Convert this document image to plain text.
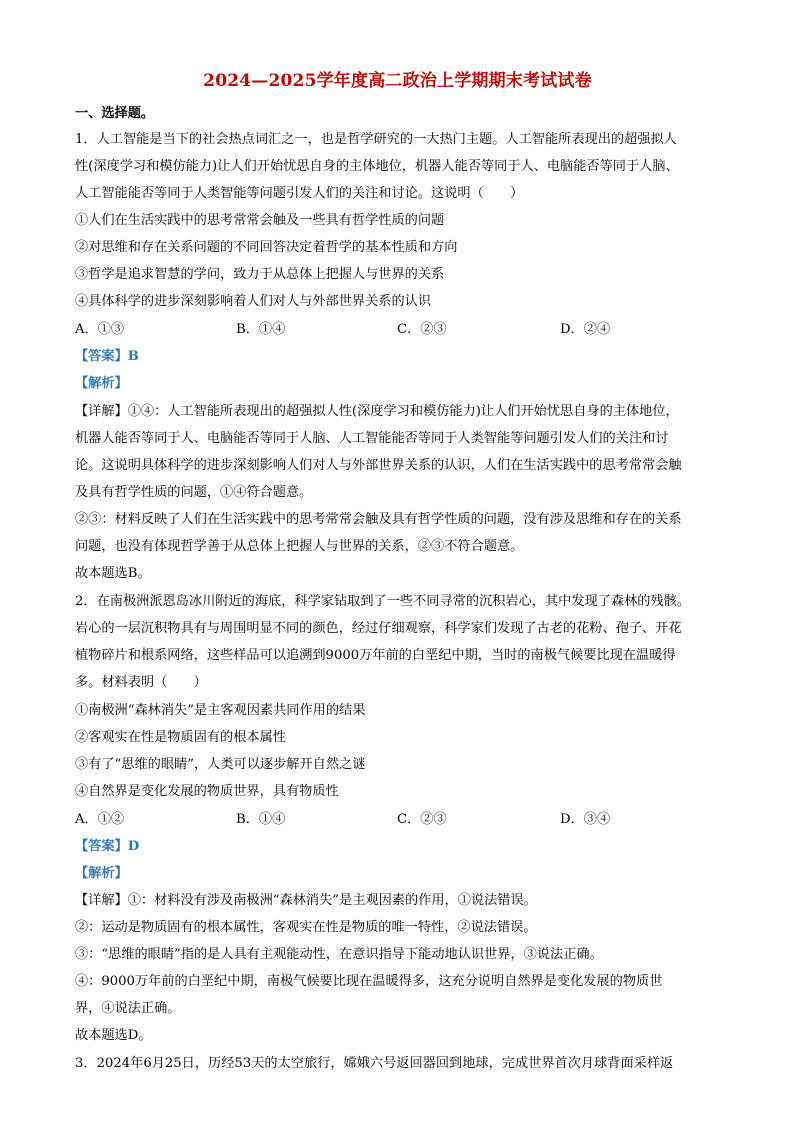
2024—2025学年度高二政治上学期期末考试试卷
一、选择题。
1．人工智能是当下的社会热点词汇之一，也是哲学研究的一大热门主题。人工智能所表现出的超强拟人
性(深度学习和模仿能力)让人们开始忧思自身的主体地位，机器人能否等同于人、电脑能否等同于人脑、
人工智能能否等同于人类智能等问题引发人们的关注和讨论。这说明（　　）
①人们在生活实践中的思考常常会触及一些具有哲学性质的问题
②对思维和存在关系问题的不同回答决定着哲学的基本性质和方向
③哲学是追求智慧的学问，致力于从总体上把握人与世界的关系
④具体科学的进步深刻影响着人们对人与外部世界关系的认识
A．①③	B．①④	C．②③	D．②④
【答案】B
【解析】
【详解】①④：人工智能所表现出的超强拟人性(深度学习和模仿能力)让人们开始忧思自身的主体地位，
机器人能否等同于人、电脑能否等同于人脑、人工智能能否等同于人类智能等问题引发人们的关注和讨
论。这说明具体科学的进步深刻影响人们对人与外部世界关系的认识，人们在生活实践中的思考常常会触
及具有哲学性质的问题，①④符合题意。
②③：材料反映了人们在生活实践中的思考常常会触及具有哲学性质的问题，没有涉及思维和存在的关系
问题，也没有体现哲学善于从总体上把握人与世界的关系，②③不符合题意。
故本题选B。
2．在南极洲派恩岛冰川附近的海底，科学家钻取到了一些不同寻常的沉积岩心，其中发现了森林的残骸。
岩心的一层沉积物具有与周围明显不同的颜色，经过仔细观察，科学家们发现了古老的花粉、孢子、开花
植物碎片和根系网络，这些样品可以追溯到9000万年前的白垩纪中期，当时的南极气候要比现在温暖得
多。材料表明（　　）
①南极洲“森林消失”是主客观因素共同作用的结果
②客观实在性是物质固有的根本属性
③有了“思维的眼睛”，人类可以逐步解开自然之谜
④自然界是变化发展的物质世界，具有物质性
A．①②	B．①④	C．②③	D．③④
【答案】D
【解析】
【详解】①：材料没有涉及南极洲“森林消失”是主观因素的作用，①说法错误。
②：运动是物质固有的根本属性，客观实在性是物质的唯一特性，②说法错误。
③：“思维的眼睛”指的是人具有主观能动性，在意识指导下能动地认识世界，③说法正确。
④：9000万年前的白垩纪中期，南极气候要比现在温暖得多，这充分说明自然界是变化发展的物质世
界，④说法正确。
故本题选D。
3．2024年6月25日，历经53天的太空旅行，嫦娥六号返回器回到地球，完成世界首次月球背面采样返
